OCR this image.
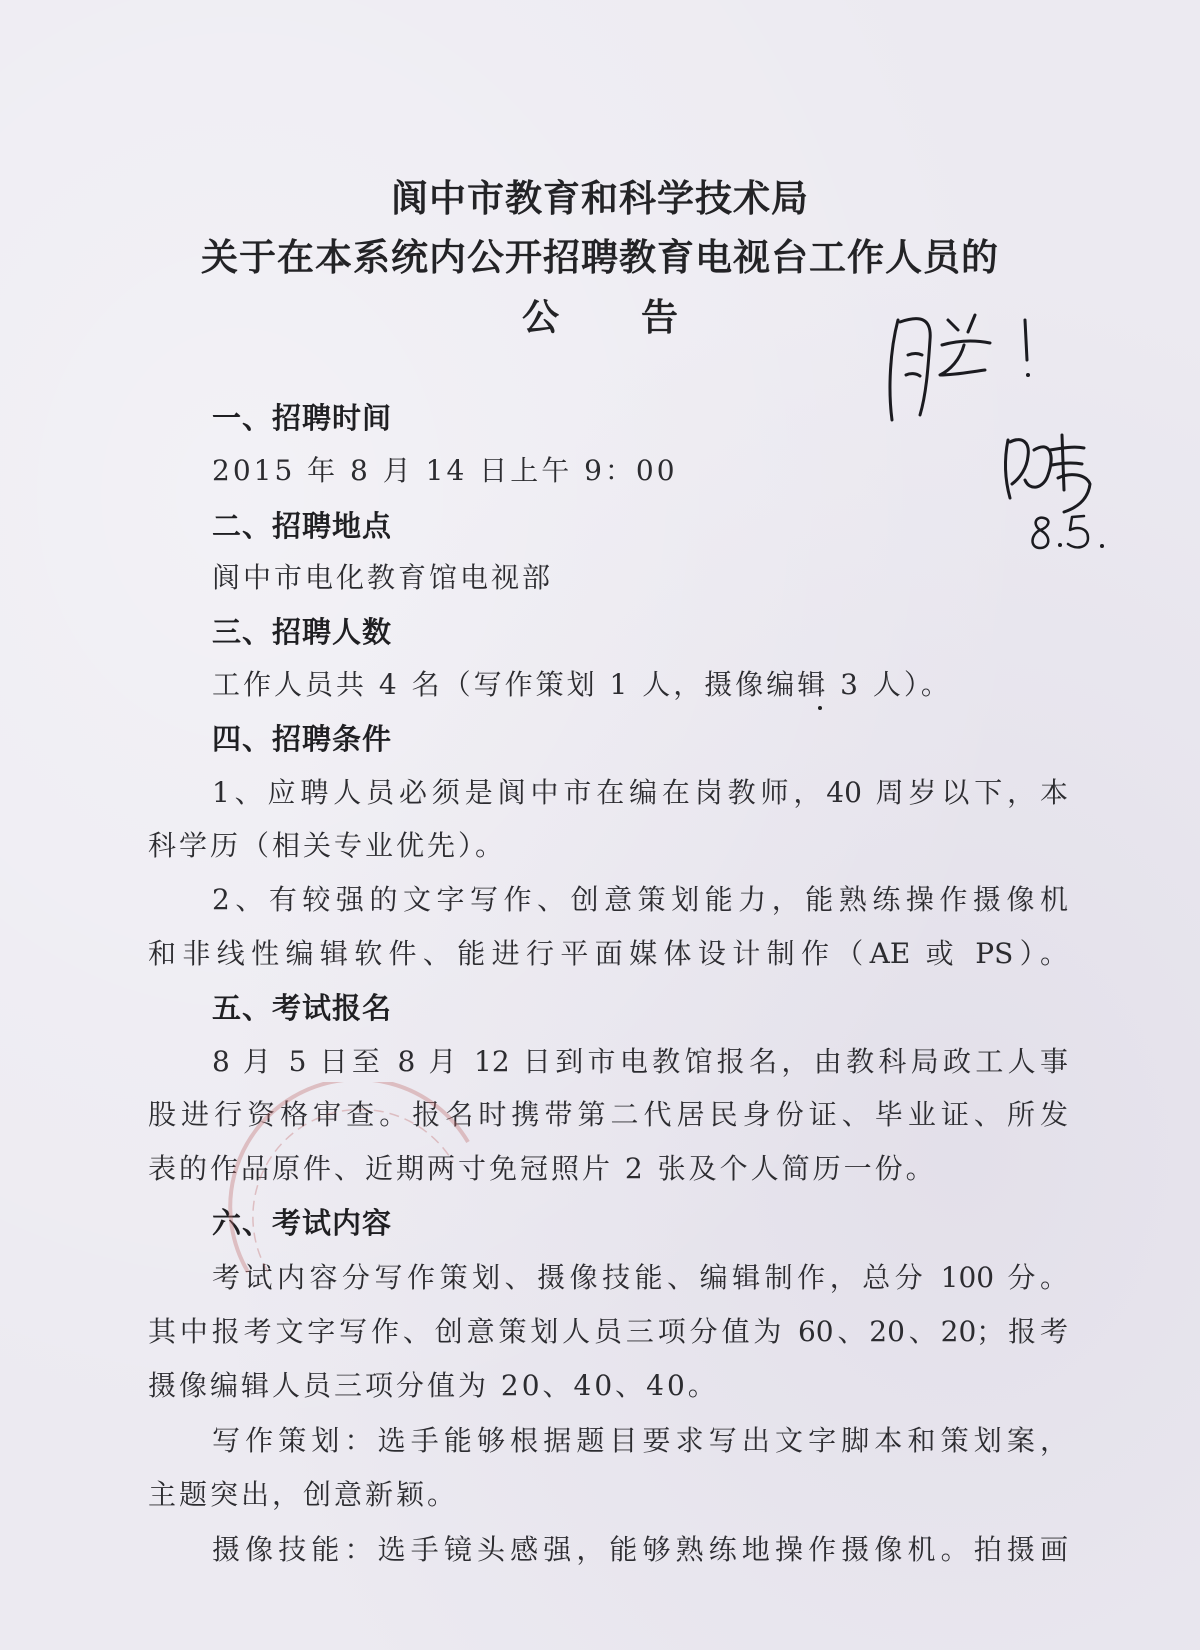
阆中市教育和科学技术局
关于在本系统内公开招聘教育电视台工作人员的
公告

一、招聘时间

2015 年 8 月 14 日上午 9：00

二、招聘地点

阆中市电化教育馆电视部

三、招聘人数

工作人员共 4 名（写作策划 1 人，摄像编辑 3 人）。

四、招聘条件

1、应聘人员必须是阆中市在编在岗教师，40 周岁以下，本

科学历（相关专业优先）。

2、有较强的文字写作、创意策划能力，能熟练操作摄像机

和非线性编辑软件、能进行平面媒体设计制作（AE 或 PS）。

五、考试报名

8 月 5 日至 8 月 12 日到市电教馆报名，由教科局政工人事

股进行资格审查。报名时携带第二代居民身份证、毕业证、所发

表的作品原件、近期两寸免冠照片 2 张及个人简历一份。

六、考试内容

考试内容分写作策划、摄像技能、编辑制作，总分 100 分。

其中报考文字写作、创意策划人员三项分值为 60、20、20；报考

摄像编辑人员三项分值为 20、40、40。

写作策划：选手能够根据题目要求写出文字脚本和策划案，

主题突出，创意新颖。

摄像技能：选手镜头感强，能够熟练地操作摄像机。拍摄画
